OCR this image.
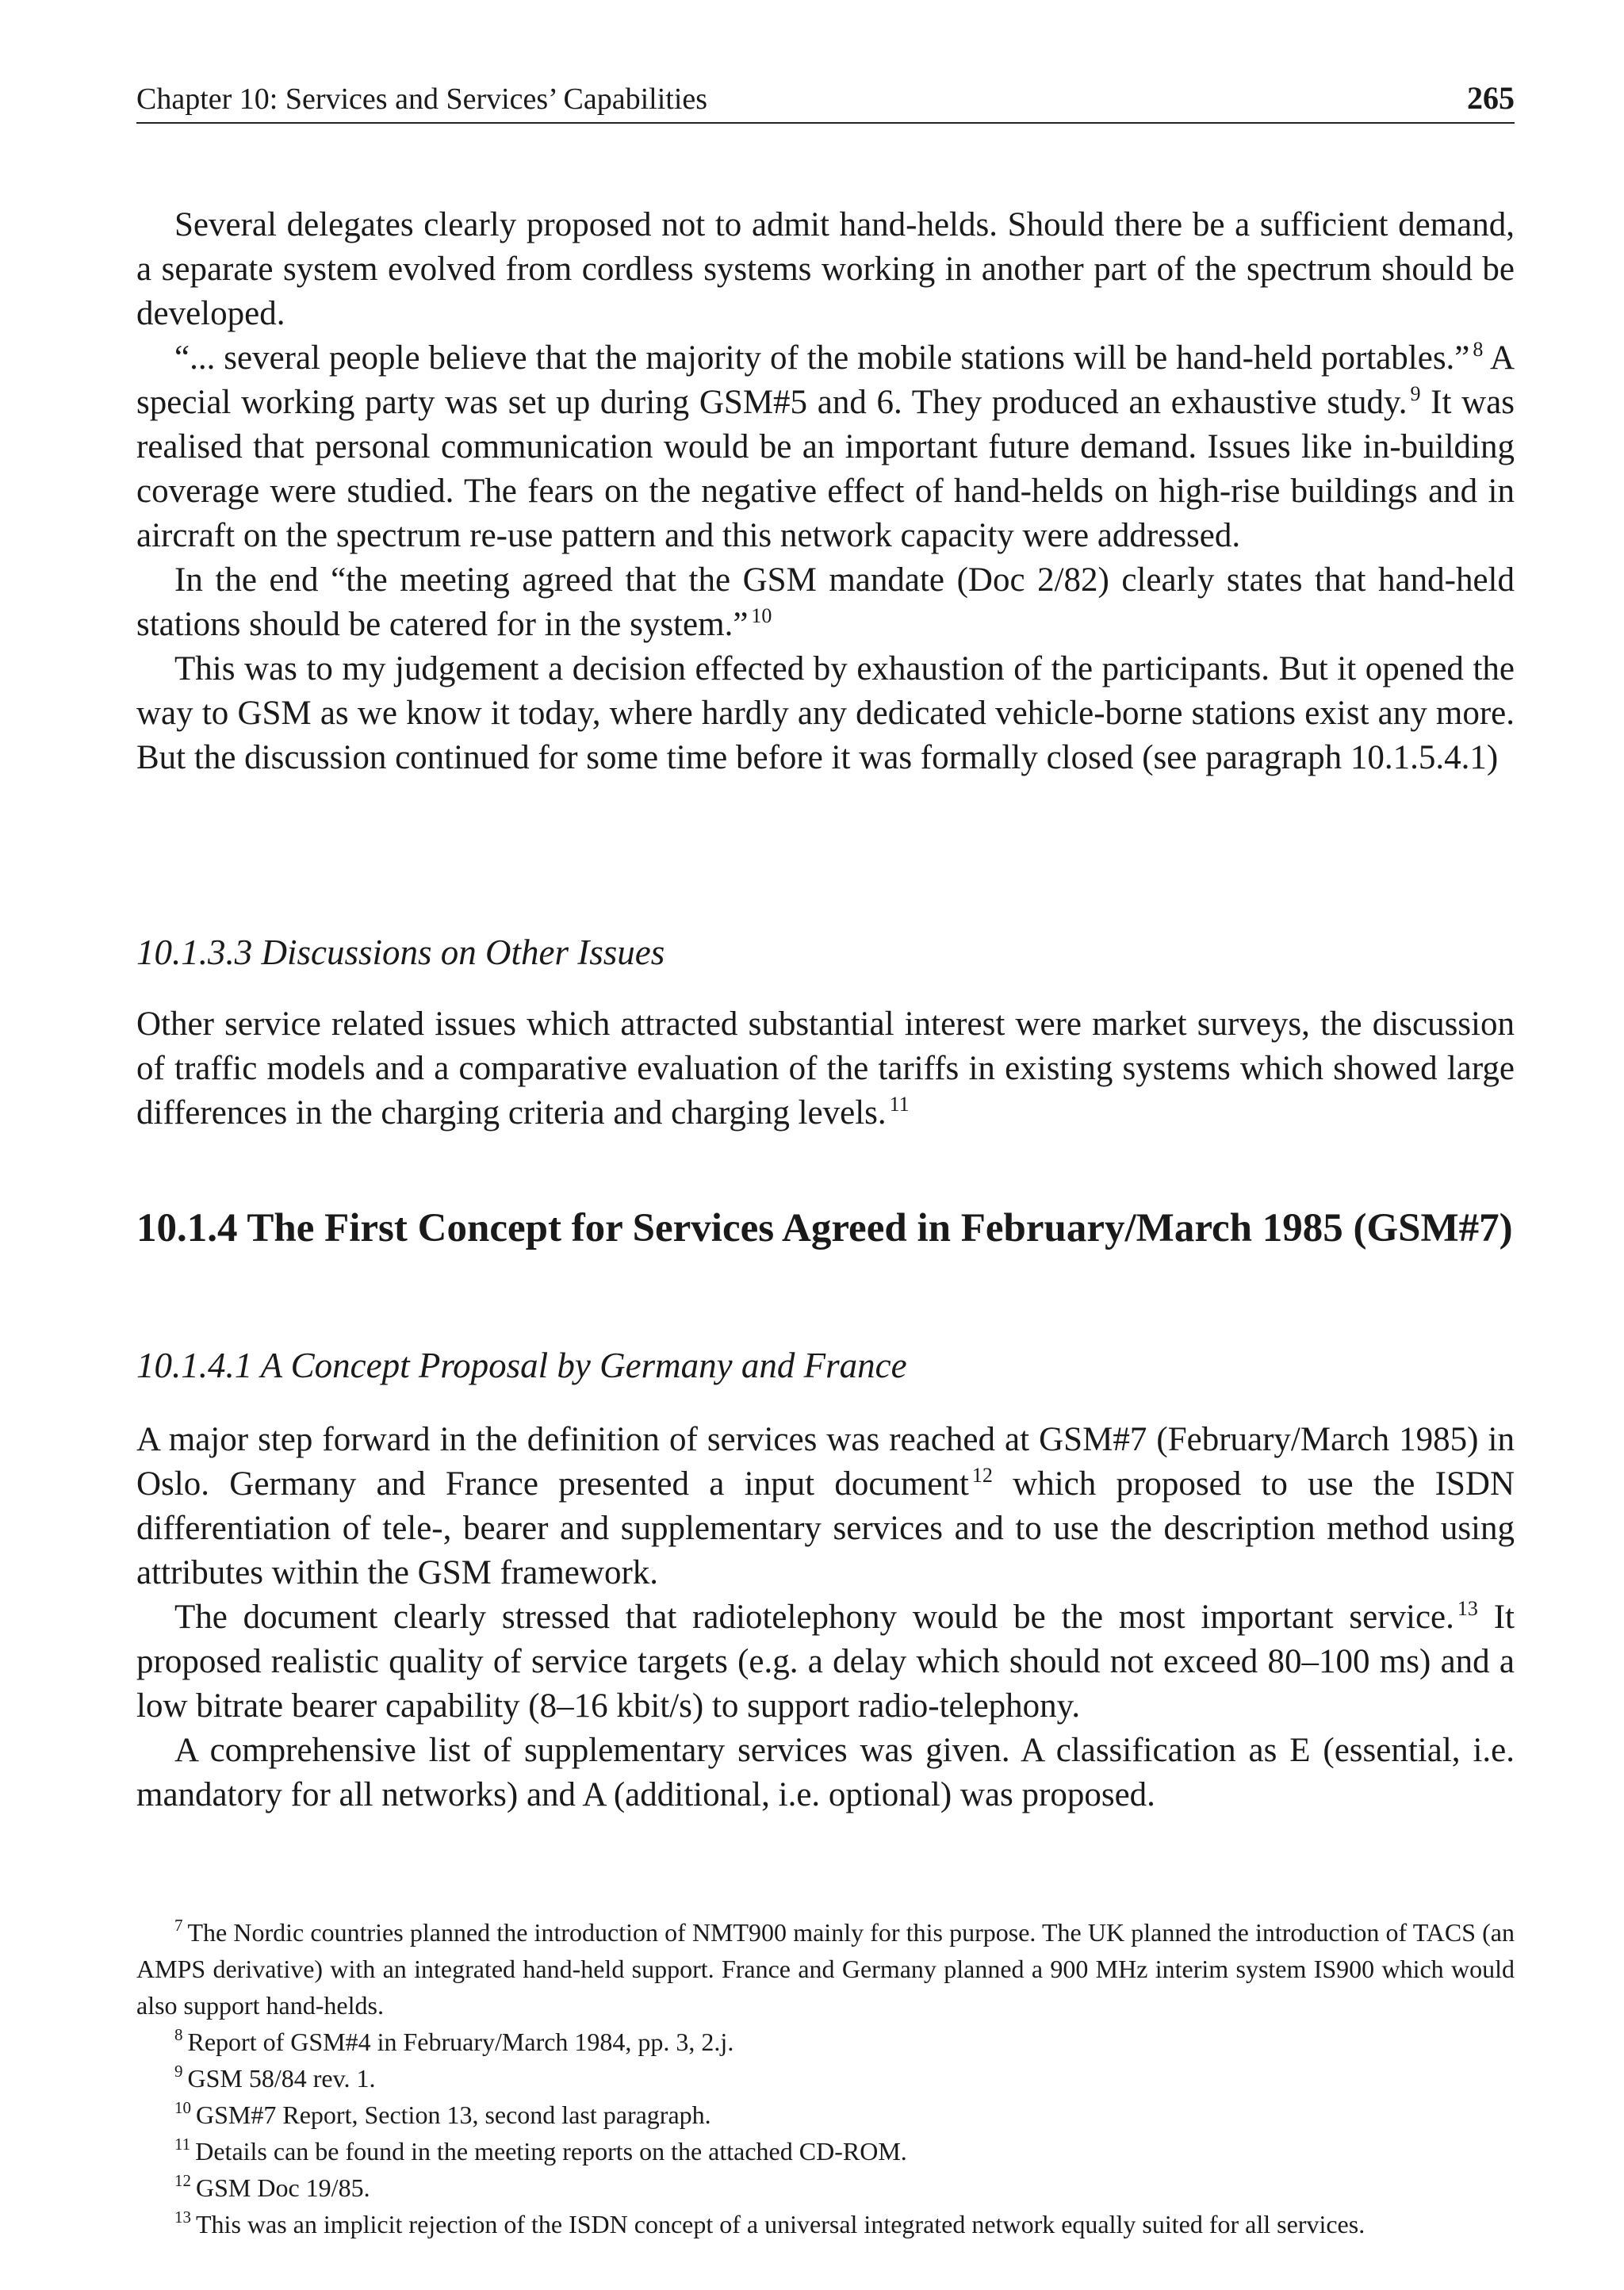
Chapter 10: Services and Services’ Capabilities	265

Several delegates clearly proposed not to admit hand-helds. Should there be a sufficient demand, a separate system evolved from cordless systems working in another part of the spectrum should be developed.

“... several people believe that the majority of the mobile stations will be hand-held portables.” $^8$ A special working party was set up during GSM#5 and 6. They produced an exhaustive study. $^9$ It was realised that personal communication would be an important future demand. Issues like in-building coverage were studied. The fears on the negative effect of hand-helds on high-rise buildings and in aircraft on the spectrum re-use pattern and this network capacity were addressed.

In the end “the meeting agreed that the GSM mandate (Doc 2/82) clearly states that hand-held stations should be catered for in the system.” $^{10}$

This was to my judgement a decision effected by exhaustion of the participants. But it opened the way to GSM as we know it today, where hardly any dedicated vehicle-borne stations exist any more. But the discussion continued for some time before it was formally closed (see paragraph 10.1.5.4.1)

10.1.3.3 Discussions on Other Issues

Other service related issues which attracted substantial interest were market surveys, the discussion of traffic models and a comparative evaluation of the tariffs in existing systems which showed large differences in the charging criteria and charging levels. $^{11}$

10.1.4 The First Concept for Services Agreed in February/March 1985 (GSM#7)
10.1.4.1 A Concept Proposal by Germany and France

A major step forward in the definition of services was reached at GSM#7 (February/March 1985) in Oslo. Germany and France presented a input document $^{12}$ which proposed to use the ISDN differentiation of tele-, bearer and supplementary services and to use the description method using attributes within the GSM framework.

The document clearly stressed that radiotelephony would be the most important service. $^{13}$ It proposed realistic quality of service targets (e.g. a delay which should not exceed 80–100 ms) and a low bitrate bearer capability (8–16 kbit/s) to support radio-telephony.

A comprehensive list of supplementary services was given. A classification as E (essential, i.e. mandatory for all networks) and A (additional, i.e. optional) was proposed.

$^7$ The Nordic countries planned the introduction of NMT900 mainly for this purpose. The UK planned the introduction of TACS (an AMPS derivative) with an integrated hand-held support. France and Germany planned a 900 MHz interim system IS900 which would also support hand-helds.

$^8$ Report of GSM#4 in February/March 1984, pp. 3, 2.j.

$^9$ GSM 58/84 rev. 1.

$^{10}$ GSM#7 Report, Section 13, second last paragraph.

$^{11}$ Details can be found in the meeting reports on the attached CD-ROM.

$^{12}$ GSM Doc 19/85.

$^{13}$ This was an implicit rejection of the ISDN concept of a universal integrated network equally suited for all services.
